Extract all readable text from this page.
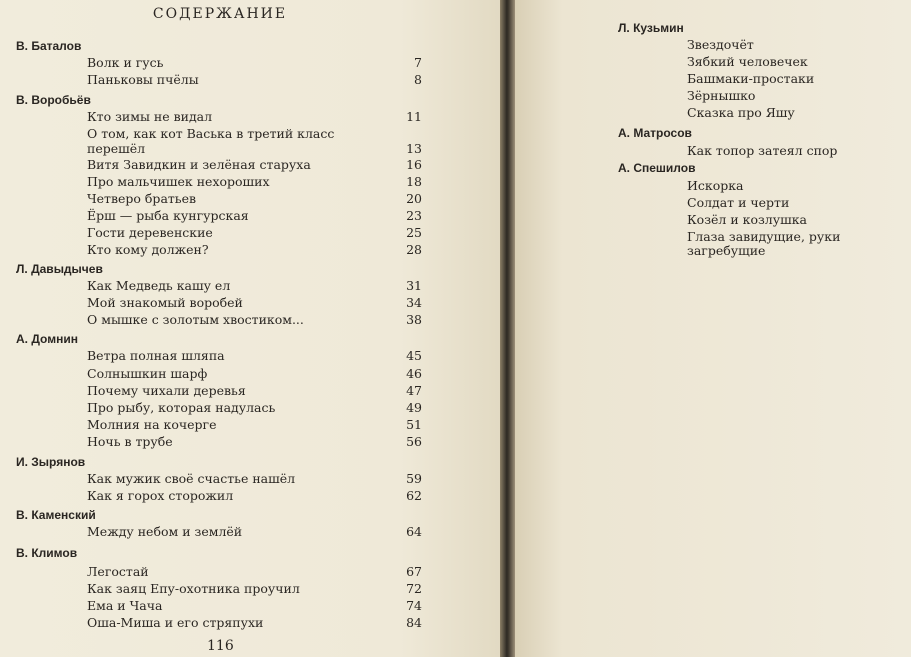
СОДЕРЖАНИЕ
В. Баталов
Волк и гусь	7
Паньковы пчёлы	8
В. Воробьёв
Кто зимы не видал	11
О том, как кот Васька в третий класс перешёл	13
Витя Завидкин и зелёная старуха	16
Про мальчишек нехороших	18
Четверо братьев	20
Ёрш — рыба кунгурская	23
Гости деревенские	25
Кто кому должен?	28
Л. Давыдычев
Как Медведь кашу ел	31
Мой знакомый воробей	34
О мышке с золотым хвостиком...	38
А. Домнин
Ветра полная шляпа	45
Солнышкин шарф	46
Почему чихали деревья	47
Про рыбу, которая надулась	49
Молния на кочерге	51
Ночь в трубе	56
И. Зырянов
Как мужик своё счастье нашёл	59
Как я горох сторожил	62
В. Каменский
Между небом и землёй	64
В. Климов
Легостай	67
Как заяц Епу-охотника проучил	72
Ема и Чача	74
Оша-Миша и его стряпухи	84
116
Л. Кузьмин
Звездочёт
Зябкий человечек
Башмаки-простаки
Зёрнышко
Сказка про Яшу
А. Матросов
Как топор затеял спор
А. Спешилов
Искорка
Солдат и черти
Козёл и козлушка
Глаза завидущие, руки загребущие
